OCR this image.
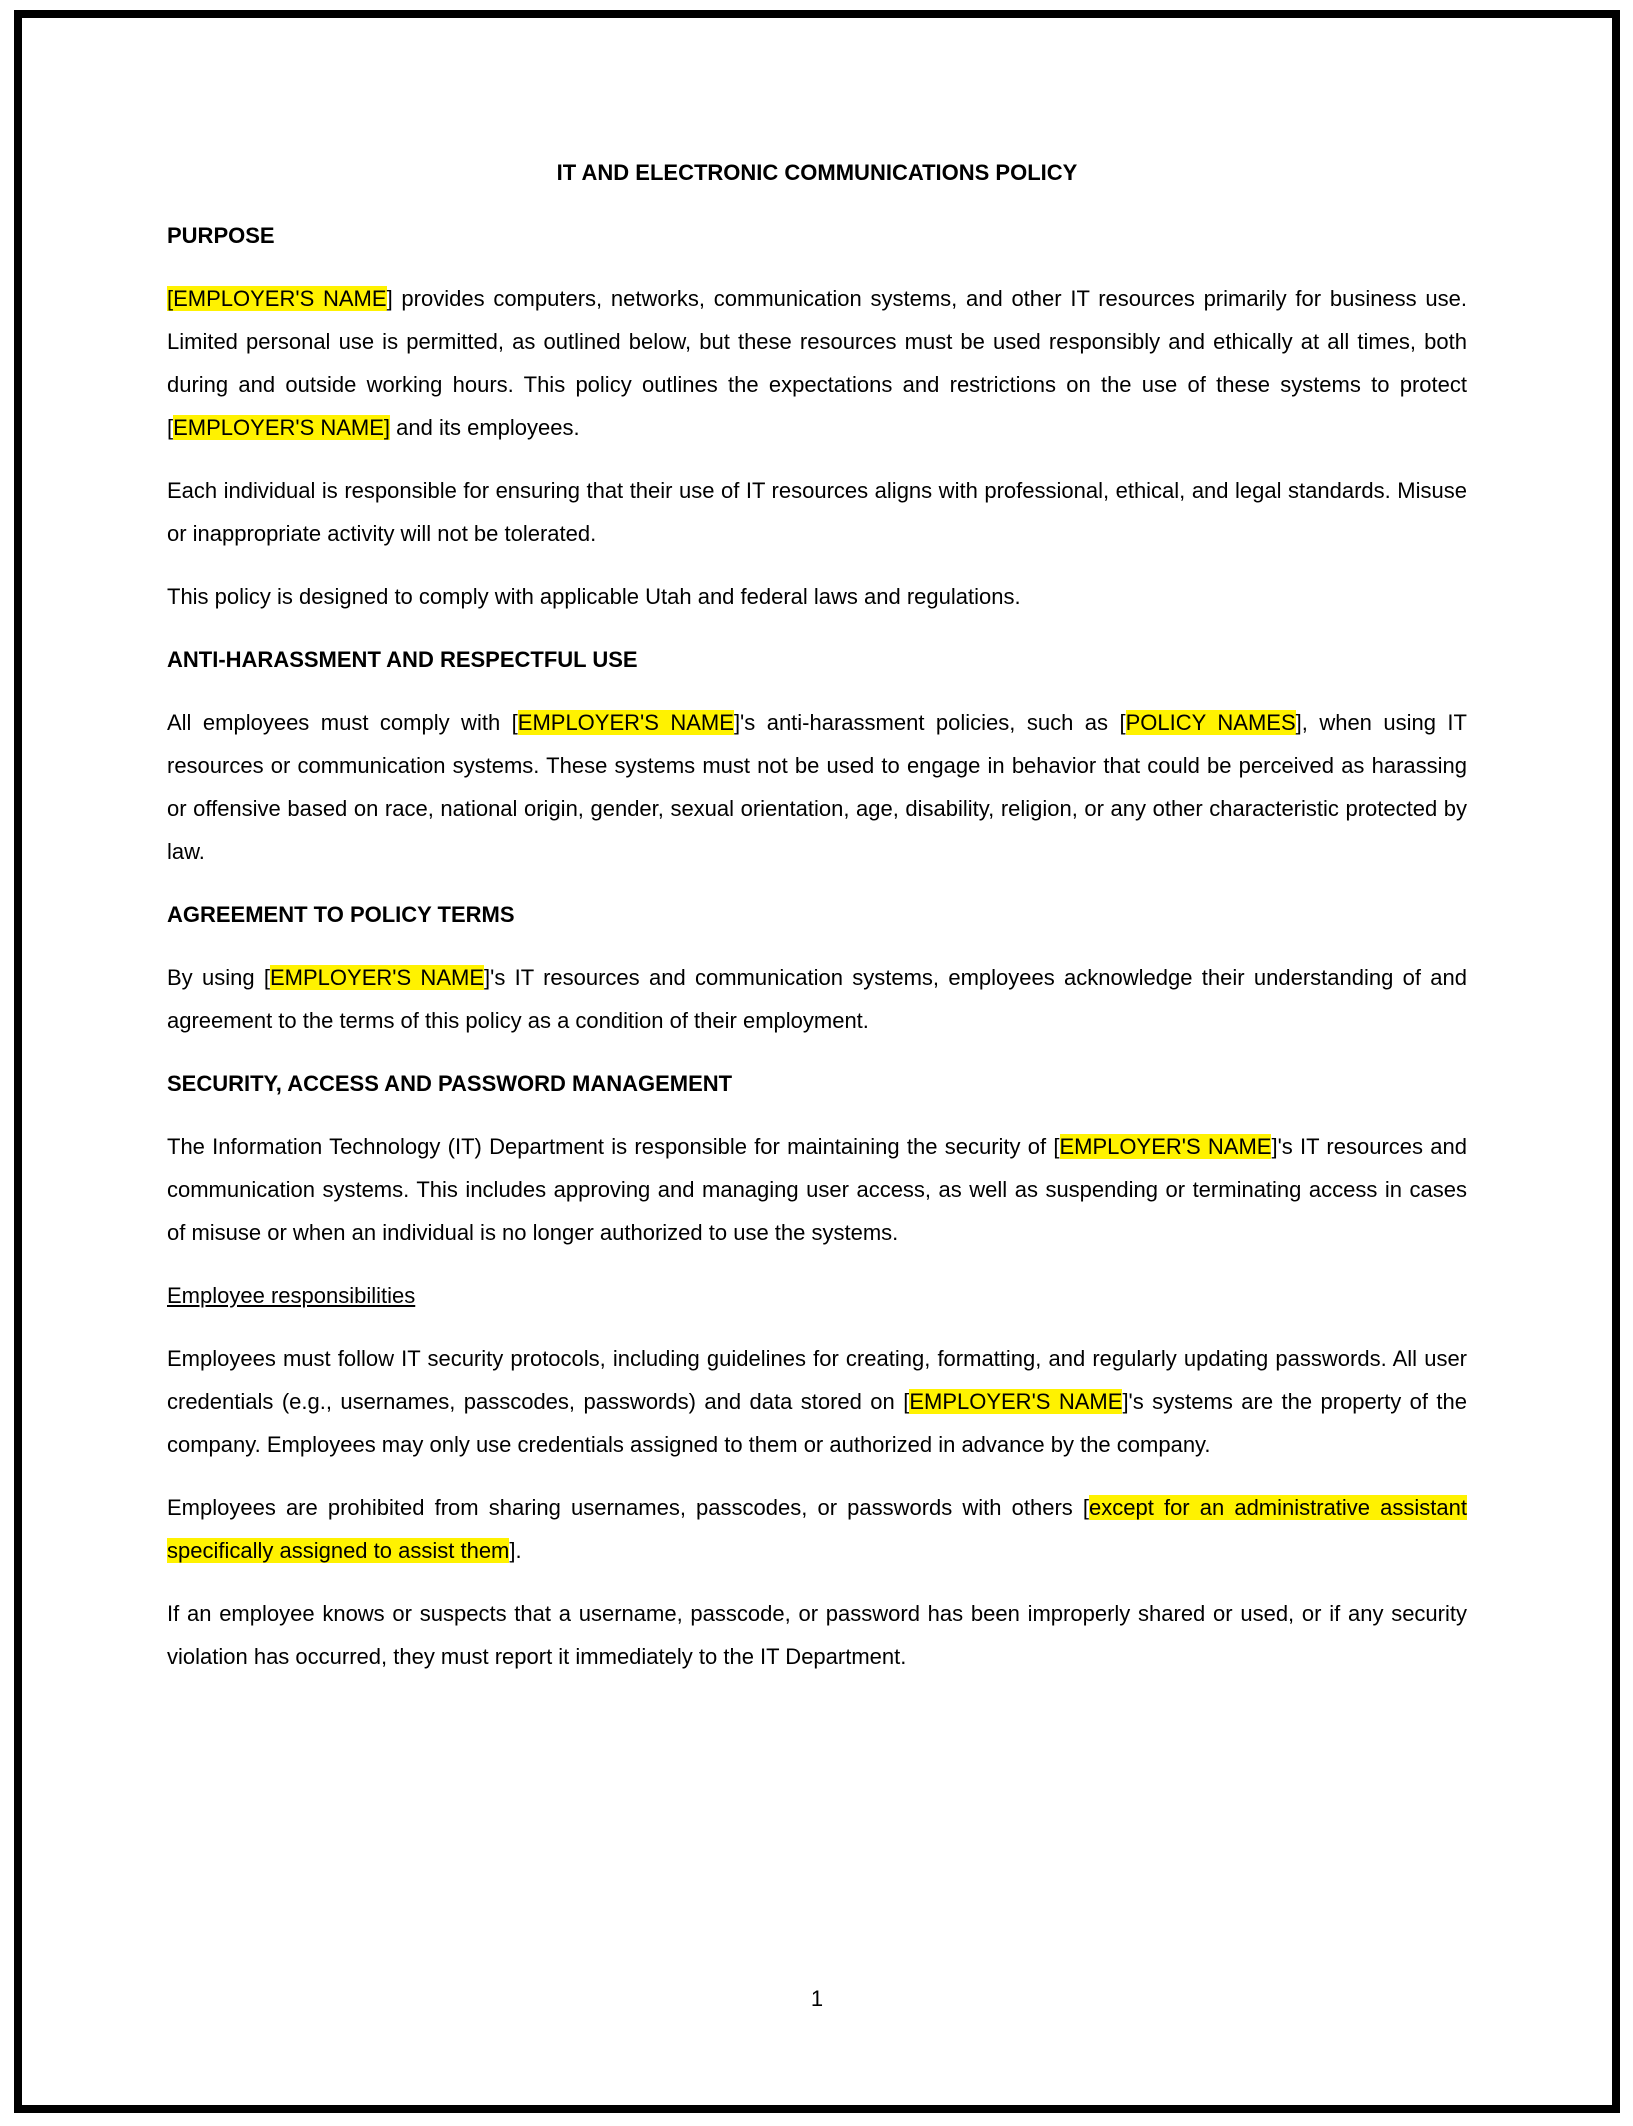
IT AND ELECTRONIC COMMUNICATIONS POLICY
PURPOSE

[EMPLOYER'S NAME] provides computers, networks, communication systems, and other IT resources primarily for business use. Limited personal use is permitted, as outlined below, but these resources must be used responsibly and ethically at all times, both during and outside working hours. This policy outlines the expectations and restrictions on the use of these systems to protect [EMPLOYER'S NAME] and its employees.

Each individual is responsible for ensuring that their use of IT resources aligns with professional, ethical, and legal standards. Misuse or inappropriate activity will not be tolerated.

This policy is designed to comply with applicable Utah and federal laws and regulations.

ANTI-HARASSMENT AND RESPECTFUL USE

All employees must comply with [EMPLOYER'S NAME]'s anti-harassment policies, such as [POLICY NAMES], when using IT resources or communication systems. These systems must not be used to engage in behavior that could be perceived as harassing or offensive based on race, national origin, gender, sexual orientation, age, disability, religion, or any other characteristic protected by law.

AGREEMENT TO POLICY TERMS

By using [EMPLOYER'S NAME]'s IT resources and communication systems, employees acknowledge their understanding of and agreement to the terms of this policy as a condition of their employment.

SECURITY, ACCESS AND PASSWORD MANAGEMENT

The Information Technology (IT) Department is responsible for maintaining the security of [EMPLOYER'S NAME]'s IT resources and communication systems. This includes approving and managing user access, as well as suspending or terminating access in cases of misuse or when an individual is no longer authorized to use the systems.

Employee responsibilities

Employees must follow IT security protocols, including guidelines for creating, formatting, and regularly updating passwords. All user credentials (e.g., usernames, passcodes, passwords) and data stored on [EMPLOYER'S NAME]'s systems are the property of the company. Employees may only use credentials assigned to them or authorized in advance by the company.

Employees are prohibited from sharing usernames, passcodes, or passwords with others [except for an administrative assistant specifically assigned to assist them].

If an employee knows or suspects that a username, passcode, or password has been improperly shared or used, or if any security violation has occurred, they must report it immediately to the IT Department.

1
